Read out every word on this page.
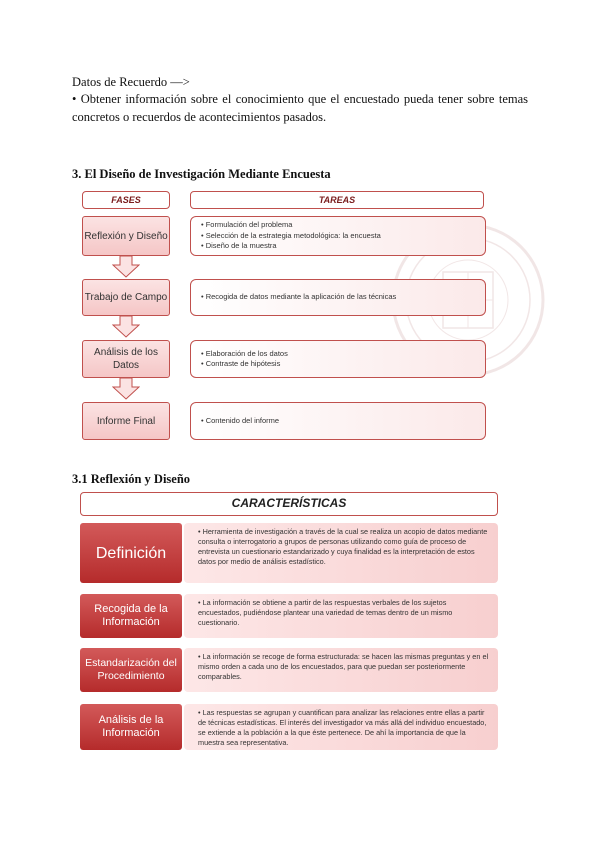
Datos de Recuerdo —>
• Obtener información sobre el conocimiento que el encuestado pueda tener sobre temas concretos o recuerdos de acontecimientos pasados.
3. El Diseño de Investigación Mediante Encuesta
FASES	TAREAS
Reflexión y Diseño
• Formulación del problema
• Selección de la estrategia metodológica: la encuesta
• Diseño de la muestra
Trabajo de Campo	• Recogida de datos mediante la aplicación de las técnicas
Análisis de los Datos
• Elaboración de los datos
• Contraste de hipótesis
Informe Final	• Contenido del informe
3.1 Reflexión y Diseño
CARACTERÍSTICAS
Definición
• Herramienta de investigación a través de la cual se realiza un acopio de datos mediante consulta o interrogatorio a grupos de personas utilizando como guía de proceso de entrevista un cuestionario estandarizado y cuya finalidad es la interpretación de estos datos por medio de análisis estadístico.
Recogida de la Información
• La información se obtiene a partir de las respuestas verbales de los sujetos encuestados, pudiéndose plantear una variedad de temas dentro de un mismo cuestionario.
Estandarización del Procedimiento
• La información se recoge de forma estructurada: se hacen las mismas preguntas y en el mismo orden a cada uno de los encuestados, para que puedan ser posteriormente comparables.
Análisis de la Información
• Las respuestas se agrupan y cuantifican para analizar las relaciones entre ellas a partir de técnicas estadísticas. El interés del investigador va más allá del individuo encuestado, se extiende a la población a la que éste pertenece. De ahí la importancia de que la muestra sea representativa.
